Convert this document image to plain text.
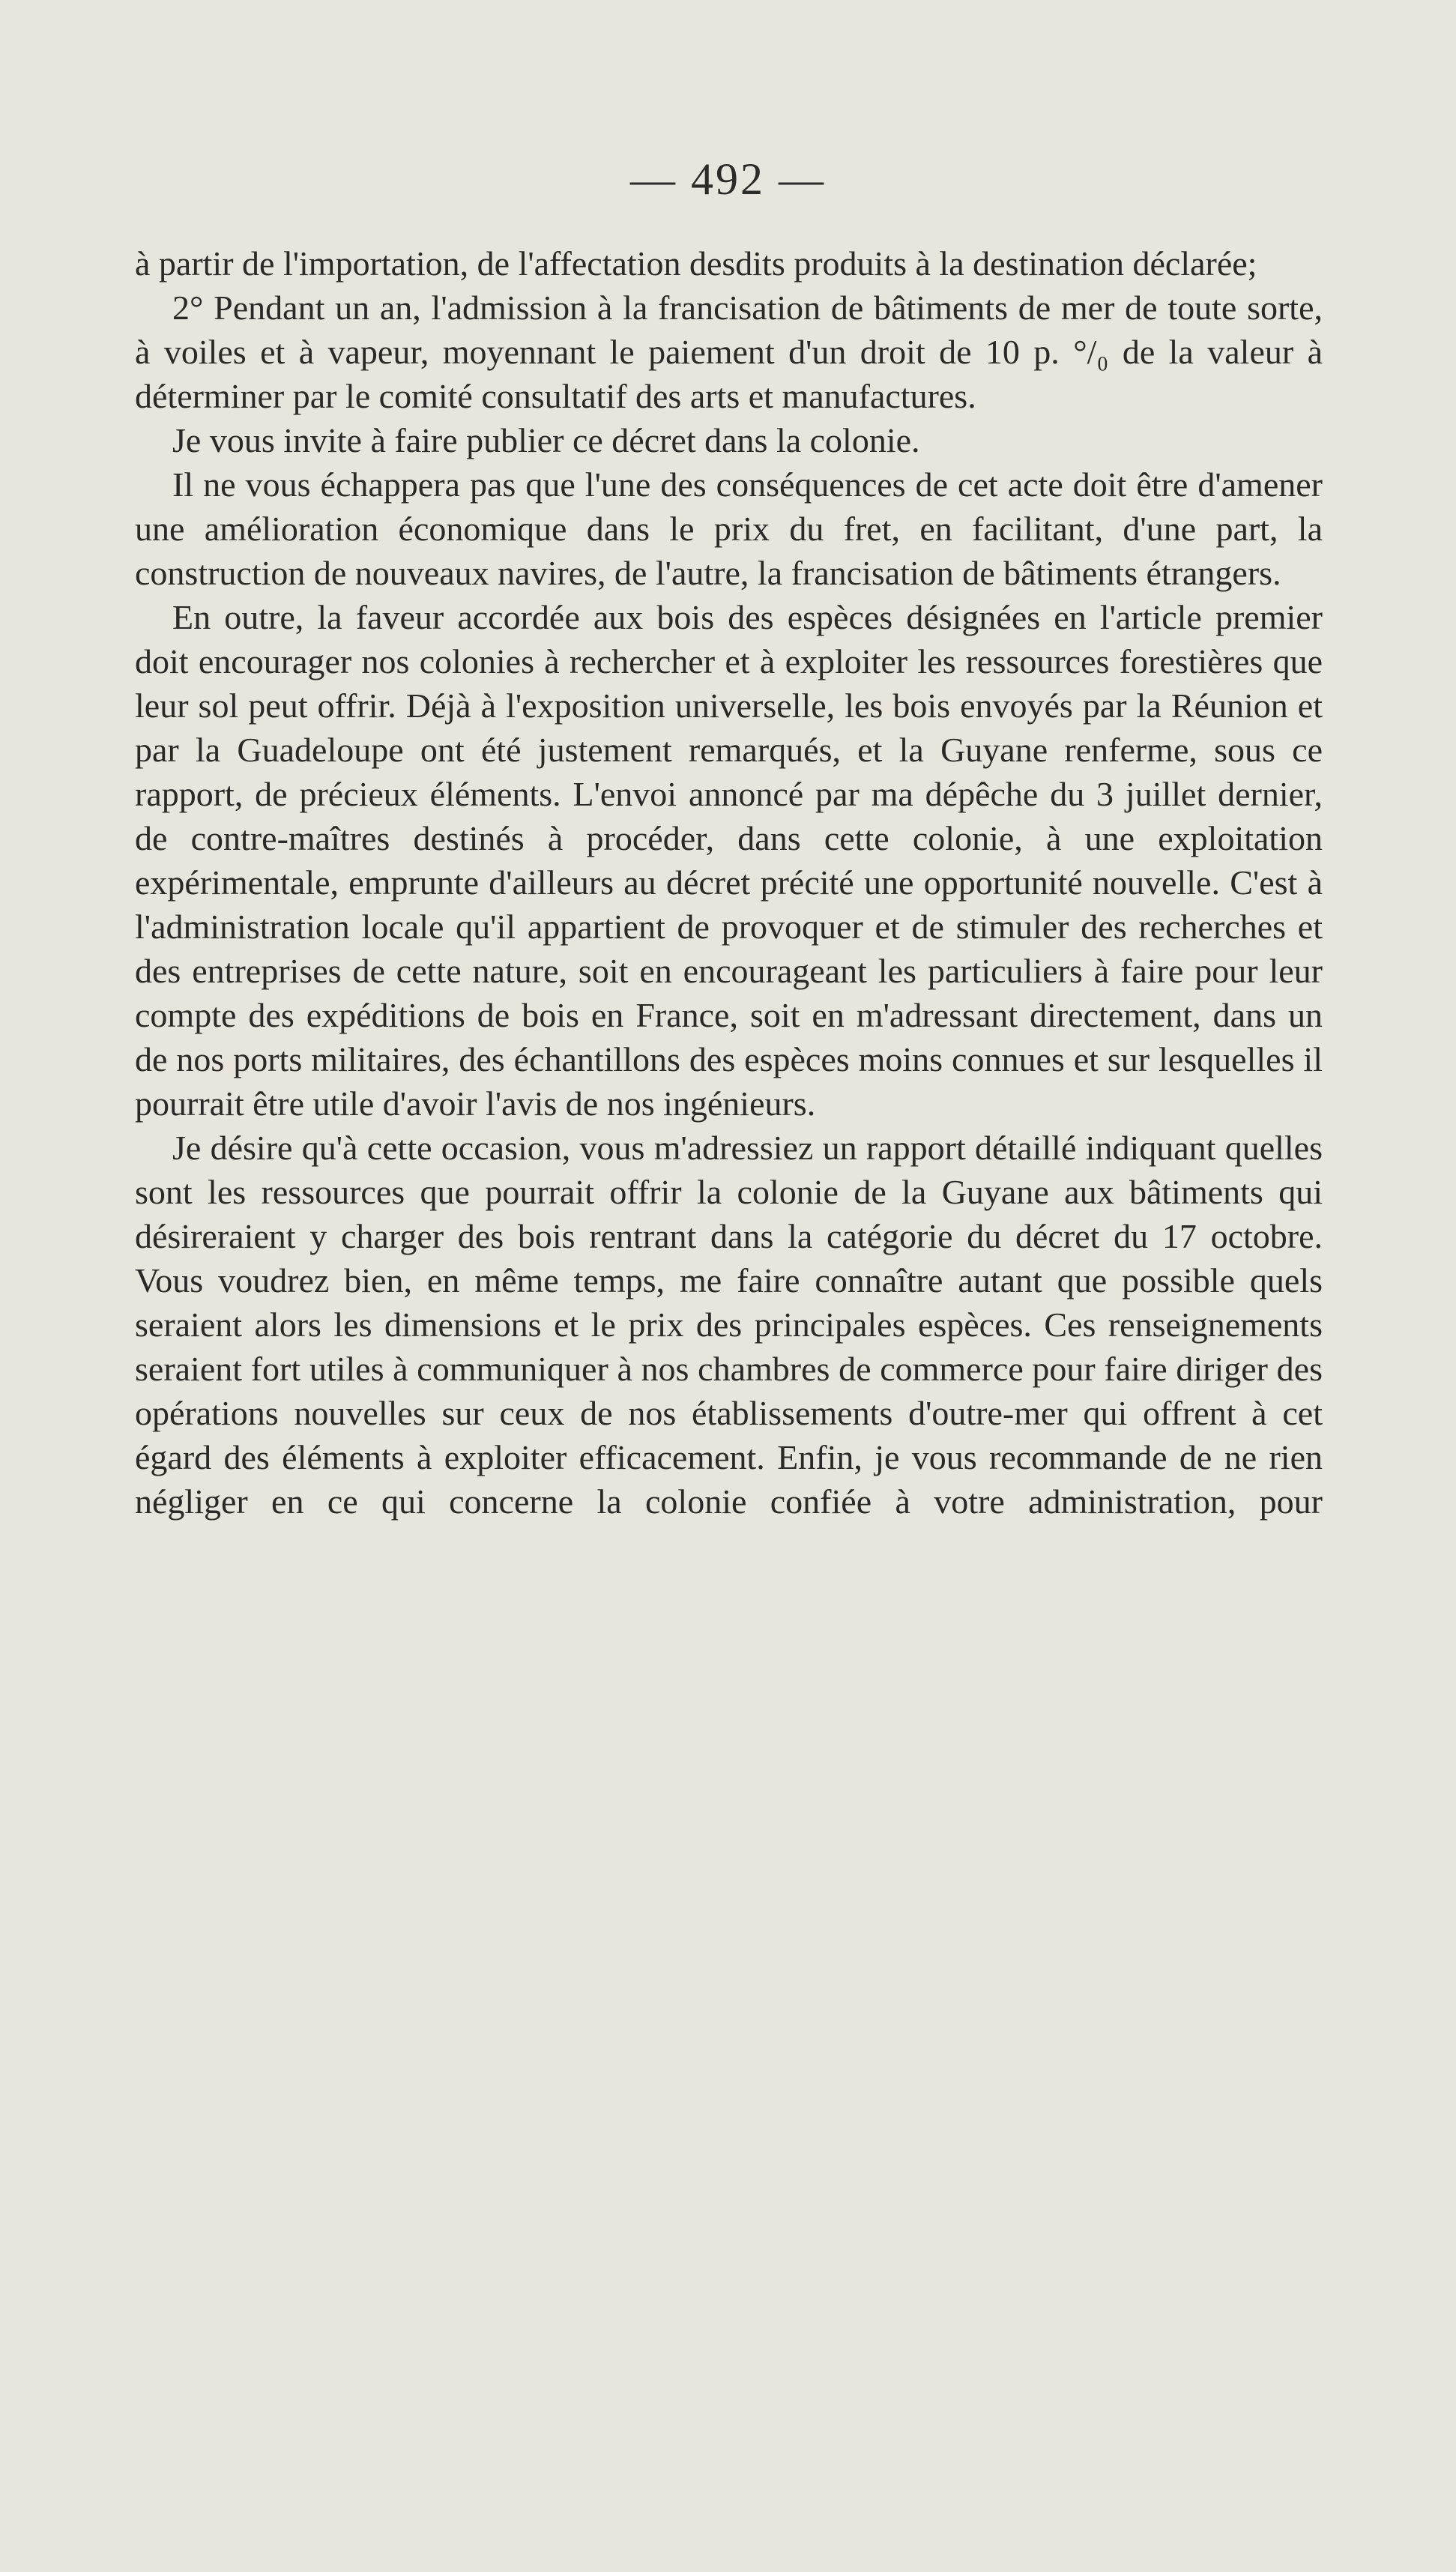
— 492 —

à partir de l'importation, de l'affectation desdits produits à la destination déclarée;

2° Pendant un an, l'admission à la francisation de bâtiments de mer de toute sorte, à voiles et à vapeur, moyennant le paiement d'un droit de 10 p. °/₀ de la valeur à déterminer par le comité consultatif des arts et manufactures.

Je vous invite à faire publier ce décret dans la colonie.

Il ne vous échappera pas que l'une des conséquences de cet acte doit être d'amener une amélioration économique dans le prix du fret, en facilitant, d'une part, la construction de nouveaux navires, de l'autre, la francisation de bâtiments étrangers.

En outre, la faveur accordée aux bois des espèces désignées en l'article premier doit encourager nos colonies à rechercher et à exploiter les ressources forestières que leur sol peut offrir. Déjà à l'exposition universelle, les bois envoyés par la Réunion et par la Guadeloupe ont été justement remarqués, et la Guyane renferme, sous ce rapport, de précieux éléments. L'envoi annoncé par ma dépêche du 3 juillet dernier, de contre-maîtres destinés à procéder, dans cette colonie, à une exploitation expérimentale, emprunte d'ailleurs au décret précité une opportunité nouvelle. C'est à l'administration locale qu'il appartient de provoquer et de stimuler des recherches et des entreprises de cette nature, soit en encourageant les particuliers à faire pour leur compte des expéditions de bois en France, soit en m'adressant directement, dans un de nos ports militaires, des échantillons des espèces moins connues et sur lesquelles il pourrait être utile d'avoir l'avis de nos ingénieurs.

Je désire qu'à cette occasion, vous m'adressiez un rapport détaillé indiquant quelles sont les ressources que pourrait offrir la colonie de la Guyane aux bâtiments qui désireraient y charger des bois rentrant dans la catégorie du décret du 17 octobre. Vous voudrez bien, en même temps, me faire connaître autant que possible quels seraient alors les dimensions et le prix des principales espèces. Ces renseignements seraient fort utiles à communiquer à nos chambres de commerce pour faire diriger des opérations nouvelles sur ceux de nos établissements d'outre-mer qui offrent à cet égard des éléments à exploiter efficacement. Enfin, je vous recommande de ne rien négliger en ce qui concerne la colonie confiée à votre administration, pour
